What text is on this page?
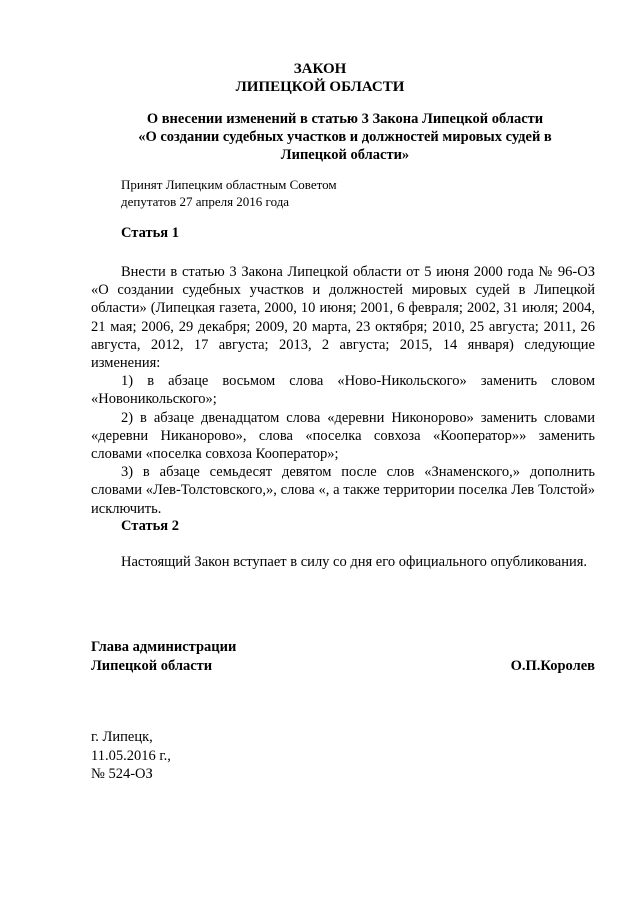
ЗАКОН
ЛИПЕЦКОЙ ОБЛАСТИ
О внесении изменений в статью 3 Закона Липецкой области
«О создании судебных участков и должностей мировых судей в
Липецкой области»
Принят Липецким областным Советом
депутатов 27 апреля 2016 года
Статья 1

Внести в статью 3 Закона Липецкой области от 5 июня 2000 года № 96-ОЗ «О создании судебных участков и должностей мировых судей в Липецкой области» (Липецкая газета, 2000, 10 июня; 2001, 6 февраля; 2002, 31 июля; 2004, 21 мая; 2006, 29 декабря; 2009, 20 марта, 23 октября; 2010, 25 августа; 2011, 26 августа, 2012, 17 августа; 2013, 2 августа; 2015, 14 января) следующие изменения:

1) в абзаце восьмом слова «Ново-Никольского» заменить словом «Новоникольского»;

2) в абзаце двенадцатом слова «деревни Никонорово» заменить словами «деревни Никаноровo», слова «поселка совхоза «Кооператор»» заменить словами «поселка совхоза Кооператор»;

3) в абзаце семьдесят девятом после слов «Знаменского,» дополнить словами «Лев-Толстовского,», слова «, а также территории поселка Лев Толстой» исключить.

Статья 2

Настоящий Закон вступает в силу со дня его официального опубликования.

Глава администрации
Липецкой области	О.П.Королев
г. Липецк,
11.05.2016 г.,
№ 524-ОЗ
